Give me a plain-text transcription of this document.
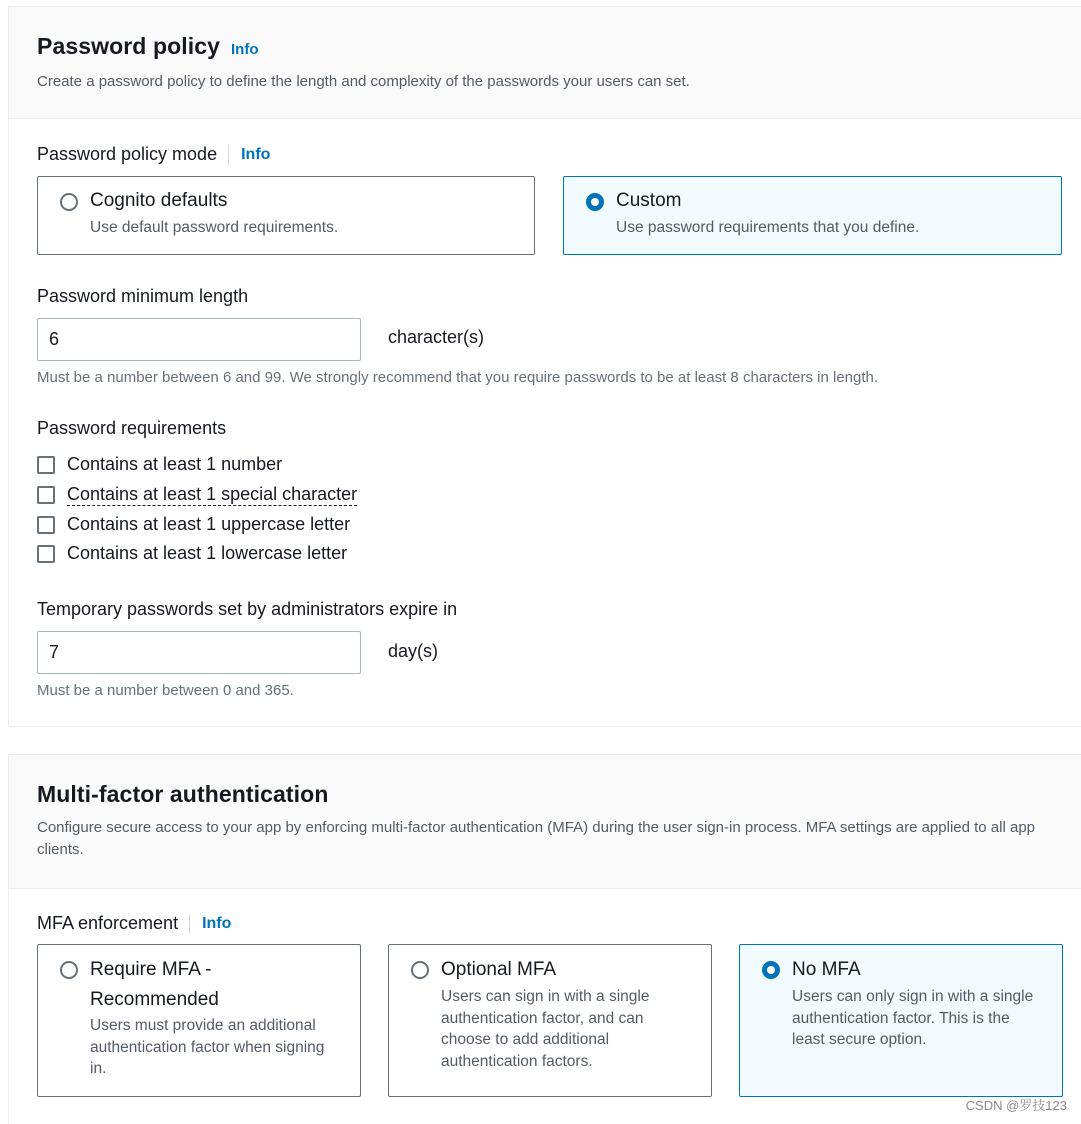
Password policy Info
Create a password policy to define the length and complexity of the passwords your users can set.
Password policy mode Info
Cognito defaults
Use default password requirements.
Custom
Use password requirements that you define.
Password minimum length
6	character(s)
Must be a number between 6 and 99. We strongly recommend that you require passwords to be at least 8 characters in length.
Password requirements
Contains at least 1 number
Contains at least 1 special character
Contains at least 1 uppercase letter
Contains at least 1 lowercase letter
Temporary passwords set by administrators expire in
7	day(s)
Must be a number between 0 and 365.
Multi-factor authentication
Configure secure access to your app by enforcing multi-factor authentication (MFA) during the user sign-in process. MFA settings are applied to all app clients.
MFA enforcement Info
Require MFA - Recommended
Users must provide an additional authentication factor when signing in.
Optional MFA
Users can sign in with a single authentication factor, and can choose to add additional authentication factors.
No MFA
Users can only sign in with a single authentication factor. This is the least secure option.
CSDN @罗技123
